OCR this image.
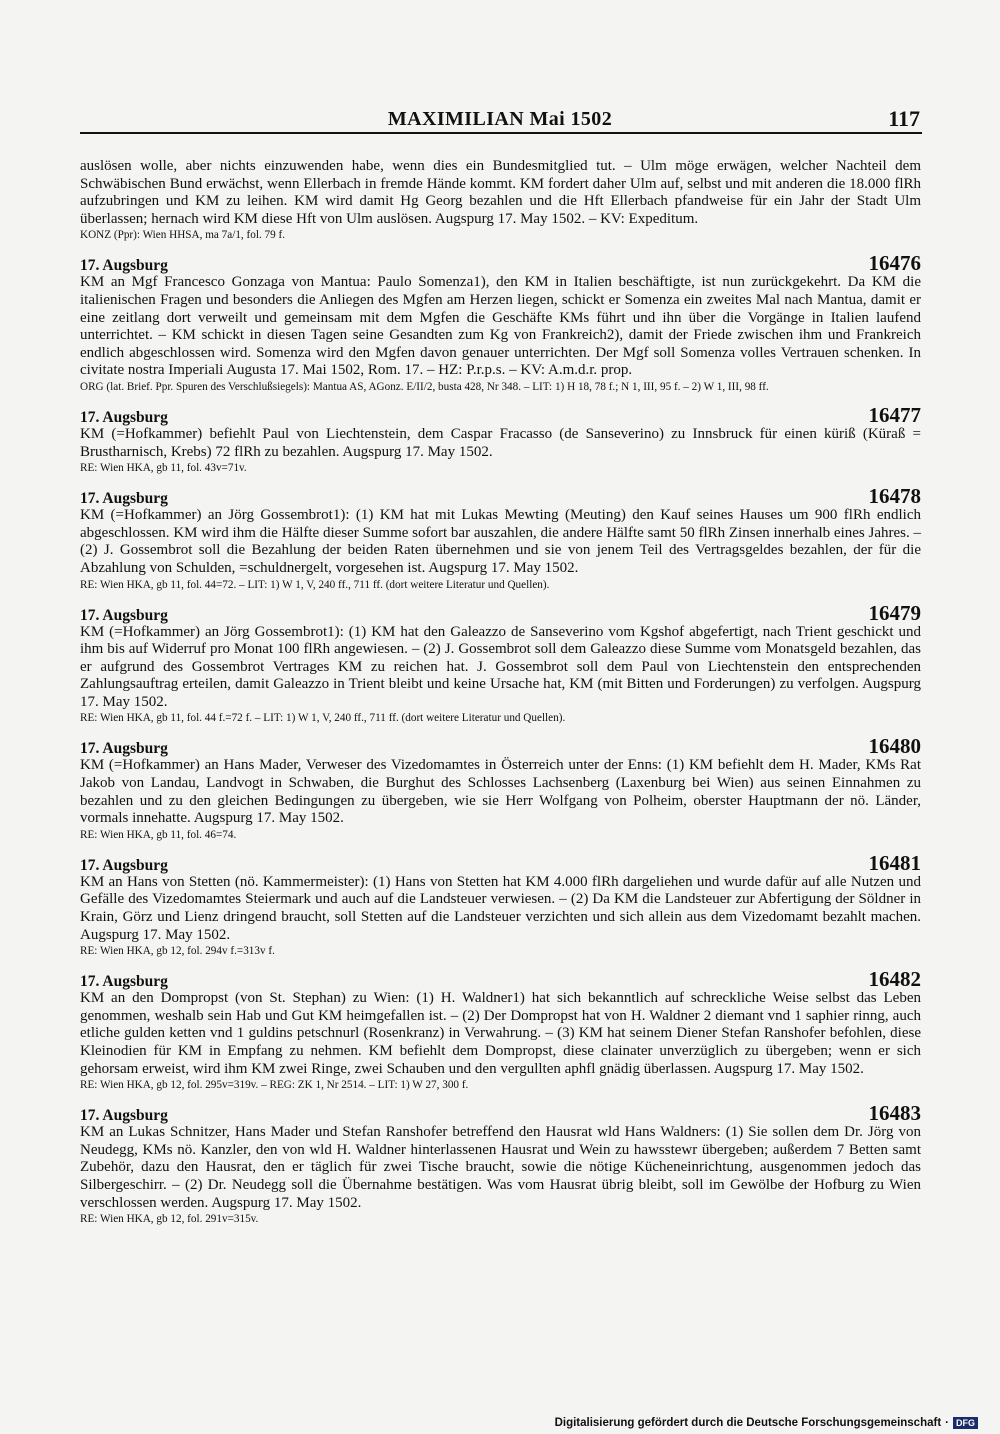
MAXIMILIAN Mai 1502	117

auslösen wolle, aber nichts einzuwenden habe, wenn dies ein Bundesmitglied tut. – Ulm möge erwägen, welcher Nachteil dem Schwäbischen Bund erwächst, wenn Ellerbach in fremde Hände kommt. KM fordert daher Ulm auf, selbst und mit anderen die 18.000 flRh aufzubringen und KM zu leihen. KM wird damit Hg Georg bezahlen und die Hft Ellerbach pfandweise für ein Jahr der Stadt Ulm überlassen; hernach wird KM diese Hft von Ulm auslösen. Augspurg 17. May 1502. – KV: Expeditum.

KONZ (Ppr): Wien HHSA, ma 7a/1, fol. 79 f.

17. Augsburg	16476

KM an Mgf Francesco Gonzaga von Mantua: Paulo Somenza1), den KM in Italien beschäftigte, ist nun zurückgekehrt. Da KM die italienischen Fragen und besonders die Anliegen des Mgfen am Herzen liegen, schickt er Somenza ein zweites Mal nach Mantua, damit er eine zeitlang dort verweilt und gemeinsam mit dem Mgfen die Geschäfte KMs führt und ihn über die Vorgänge in Italien laufend unterrichtet. – KM schickt in diesen Tagen seine Gesandten zum Kg von Frankreich2), damit der Friede zwischen ihm und Frankreich endlich abgeschlossen wird. Somenza wird den Mgfen davon genauer unterrichten. Der Mgf soll Somenza volles Vertrauen schenken. In civitate nostra Imperiali Augusta 17. Mai 1502, Rom. 17. – HZ: P.r.p.s. – KV: A.m.d.r. prop.

ORG (lat. Brief. Ppr. Spuren des Verschlußsiegels): Mantua AS, AGonz. E/II/2, busta 428, Nr 348. – LIT: 1) H 18, 78 f.; N 1, III, 95 f. – 2) W 1, III, 98 ff.

17. Augsburg	16477

KM (=Hofkammer) befiehlt Paul von Liechtenstein, dem Caspar Fracasso (de Sanseverino) zu Innsbruck für einen küriß (Küraß = Brustharnisch, Krebs) 72 flRh zu bezahlen. Augspurg 17. May 1502.

RE: Wien HKA, gb 11, fol. 43v=71v.

17. Augsburg	16478

KM (=Hofkammer) an Jörg Gossembrot1): (1) KM hat mit Lukas Mewting (Meuting) den Kauf seines Hauses um 900 flRh endlich abgeschlossen. KM wird ihm die Hälfte dieser Summe sofort bar auszahlen, die andere Hälfte samt 50 flRh Zinsen innerhalb eines Jahres. – (2) J. Gossembrot soll die Bezahlung der beiden Raten übernehmen und sie von jenem Teil des Vertragsgeldes bezahlen, der für die Abzahlung von Schulden, =schuldnergelt, vorgesehen ist. Augspurg 17. May 1502.

RE: Wien HKA, gb 11, fol. 44=72. – LIT: 1) W 1, V, 240 ff., 711 ff. (dort weitere Literatur und Quellen).

17. Augsburg	16479

KM (=Hofkammer) an Jörg Gossembrot1): (1) KM hat den Galeazzo de Sanseverino vom Kgshof abgefertigt, nach Trient geschickt und ihm bis auf Widerruf pro Monat 100 flRh angewiesen. – (2) J. Gossembrot soll dem Galeazzo diese Summe vom Monatsgeld bezahlen, das er aufgrund des Gossembrot Vertrages KM zu reichen hat. J. Gossembrot soll dem Paul von Liechtenstein den entsprechenden Zahlungsauftrag erteilen, damit Galeazzo in Trient bleibt und keine Ursache hat, KM (mit Bitten und Forderungen) zu verfolgen. Augspurg 17. May 1502.

RE: Wien HKA, gb 11, fol. 44 f.=72 f. – LIT: 1) W 1, V, 240 ff., 711 ff. (dort weitere Literatur und Quellen).

17. Augsburg	16480

KM (=Hofkammer) an Hans Mader, Verweser des Vizedomamtes in Österreich unter der Enns: (1) KM befiehlt dem H. Mader, KMs Rat Jakob von Landau, Landvogt in Schwaben, die Burghut des Schlosses Lachsenberg (Laxenburg bei Wien) aus seinen Einnahmen zu bezahlen und zu den gleichen Bedingungen zu übergeben, wie sie Herr Wolfgang von Polheim, oberster Hauptmann der nö. Länder, vormals innehatte. Augspurg 17. May 1502.

RE: Wien HKA, gb 11, fol. 46=74.

17. Augsburg	16481

KM an Hans von Stetten (nö. Kammermeister): (1) Hans von Stetten hat KM 4.000 flRh dargeliehen und wurde dafür auf alle Nutzen und Gefälle des Vizedomamtes Steiermark und auch auf die Landsteuer verwiesen. – (2) Da KM die Landsteuer zur Abfertigung der Söldner in Krain, Görz und Lienz dringend braucht, soll Stetten auf die Landsteuer verzichten und sich allein aus dem Vizedomamt bezahlt machen. Augspurg 17. May 1502.

RE: Wien HKA, gb 12, fol. 294v f.=313v f.

17. Augsburg	16482

KM an den Dompropst (von St. Stephan) zu Wien: (1) H. Waldner1) hat sich bekanntlich auf schreckliche Weise selbst das Leben genommen, weshalb sein Hab und Gut KM heimgefallen ist. – (2) Der Dompropst hat von H. Waldner 2 diemant vnd 1 saphier rinng, auch etliche gulden ketten vnd 1 guldins petschnurl (Rosenkranz) in Verwahrung. – (3) KM hat seinem Diener Stefan Ranshofer befohlen, diese Kleinodien für KM in Empfang zu nehmen. KM befiehlt dem Dompropst, diese clainater unverzüglich zu übergeben; wenn er sich gehorsam erweist, wird ihm KM zwei Ringe, zwei Schauben und den vergullten aphfl gnädig überlassen. Augspurg 17. May 1502.

RE: Wien HKA, gb 12, fol. 295v=319v. – REG: ZK 1, Nr 2514. – LIT: 1) W 27, 300 f.

17. Augsburg	16483

KM an Lukas Schnitzer, Hans Mader und Stefan Ranshofer betreffend den Hausrat wld Hans Waldners: (1) Sie sollen dem Dr. Jörg von Neudegg, KMs nö. Kanzler, den von wld H. Waldner hinterlassenen Hausrat und Wein zu hawsstewr übergeben; außerdem 7 Betten samt Zubehör, dazu den Hausrat, den er täglich für zwei Tische braucht, sowie die nötige Kücheneinrichtung, ausgenommen jedoch das Silbergeschirr. – (2) Dr. Neudegg soll die Übernahme bestätigen. Was vom Hausrat übrig bleibt, soll im Gewölbe der Hofburg zu Wien verschlossen werden. Augspurg 17. May 1502.

RE: Wien HKA, gb 12, fol. 291v=315v.

Digitalisierung gefördert durch die Deutsche Forschungsgemeinschaft · DFG
